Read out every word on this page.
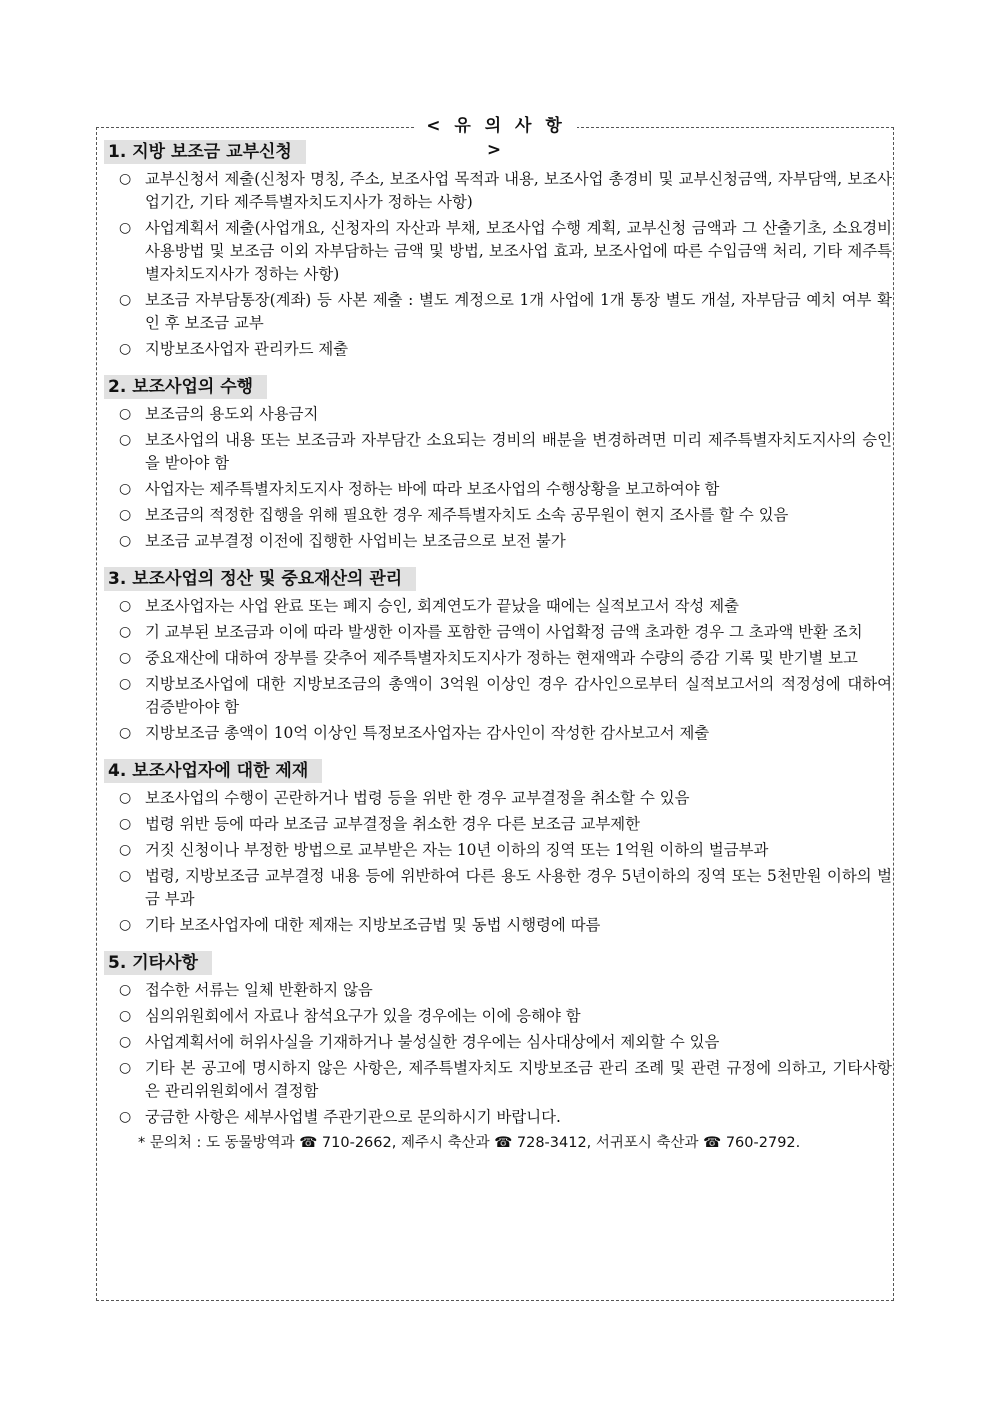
< 유 의 사 항 >
1. 지방 보조금 교부신청
○ 교부신청서 제출(신청자 명칭, 주소, 보조사업 목적과 내용, 보조사업 총경비 및 교부신청금액, 자부담액, 보조사업기간, 기타 제주특별자치도지사가 정하는 사항)
○ 사업계획서 제출(사업개요, 신청자의 자산과 부채, 보조사업 수행 계획, 교부신청 금액과 그 산출기초, 소요경비 사용방법 및 보조금 이외 자부담하는 금액 및 방법, 보조사업 효과, 보조사업에 따른 수입금액 처리, 기타 제주특별자치도지사가 정하는 사항)
○ 보조금 자부담통장(계좌) 등 사본 제출 : 별도 계정으로 1개 사업에 1개 통장 별도 개설, 자부담금 예치 여부 확인 후 보조금 교부
○ 지방보조사업자 관리카드 제출
2. 보조사업의 수행
○ 보조금의 용도외 사용금지
○ 보조사업의 내용 또는 보조금과 자부담간 소요되는 경비의 배분을 변경하려면 미리 제주특별자치도지사의 승인을 받아야 함
○ 사업자는 제주특별자치도지사 정하는 바에 따라 보조사업의 수행상황을 보고하여야 함
○ 보조금의 적정한 집행을 위해 필요한 경우 제주특별자치도 소속 공무원이 현지 조사를 할 수 있음
○ 보조금 교부결정 이전에 집행한 사업비는 보조금으로 보전 불가
3. 보조사업의 정산 및 중요재산의 관리
○ 보조사업자는 사업 완료 또는 폐지 승인, 회계연도가 끝났을 때에는 실적보고서 작성 제출
○ 기 교부된 보조금과 이에 따라 발생한 이자를 포함한 금액이 사업확정 금액 초과한 경우 그 초과액 반환 조치
○ 중요재산에 대하여 장부를 갖추어 제주특별자치도지사가 정하는 현재액과 수량의 증감 기록 및 반기별 보고
○ 지방보조사업에 대한 지방보조금의 총액이 3억원 이상인 경우 감사인으로부터 실적보고서의 적정성에 대하여 검증받아야 함
○ 지방보조금 총액이 10억 이상인 특정보조사업자는 감사인이 작성한 감사보고서 제출
4. 보조사업자에 대한 제재
○ 보조사업의 수행이 곤란하거나 법령 등을 위반 한 경우 교부결정을 취소할 수 있음
○ 법령 위반 등에 따라 보조금 교부결정을 취소한 경우 다른 보조금 교부제한
○ 거짓 신청이나 부정한 방법으로 교부받은 자는 10년 이하의 징역 또는 1억원 이하의 벌금부과
○ 법령, 지방보조금 교부결정 내용 등에 위반하여 다른 용도 사용한 경우 5년이하의 징역 또는 5천만원 이하의 벌금 부과
○ 기타 보조사업자에 대한 제재는 지방보조금법 및 동법 시행령에 따름
5. 기타사항
○ 접수한 서류는 일체 반환하지 않음
○ 심의위원회에서 자료나 참석요구가 있을 경우에는 이에 응해야 함
○ 사업계획서에 허위사실을 기재하거나 불성실한 경우에는 심사대상에서 제외할 수 있음
○ 기타 본 공고에 명시하지 않은 사항은, 제주특별자치도 지방보조금 관리 조례 및 관련 규정에 의하고, 기타사항은 관리위원회에서 결정함
○ 궁금한 사항은 세부사업별 주관기관으로 문의하시기 바랍니다.
* 문의처 : 도 동물방역과 ☎ 710-2662, 제주시 축산과 ☎ 728-3412, 서귀포시 축산과 ☎ 760-2792.
